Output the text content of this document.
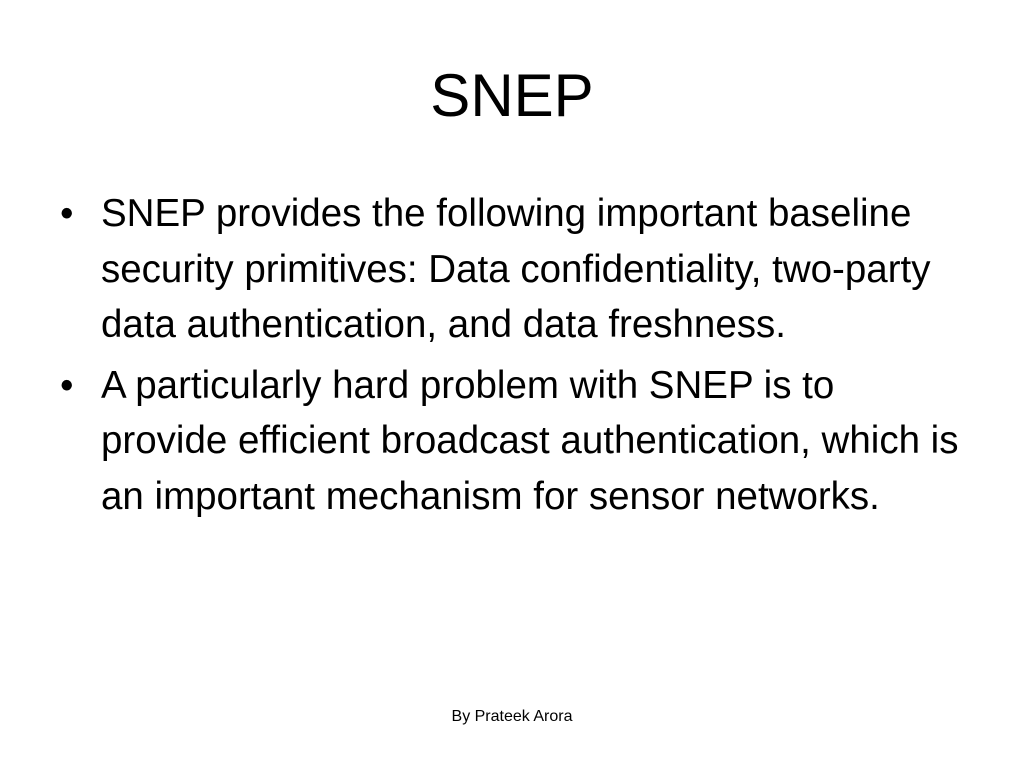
SNEP
• SNEP provides the following important baseline security primitives: Data confidentiality, two-party data authentication, and data freshness.
• A particularly hard problem with SNEP is to provide efficient broadcast authentication, which is an important mechanism for sensor networks.
By Prateek Arora
